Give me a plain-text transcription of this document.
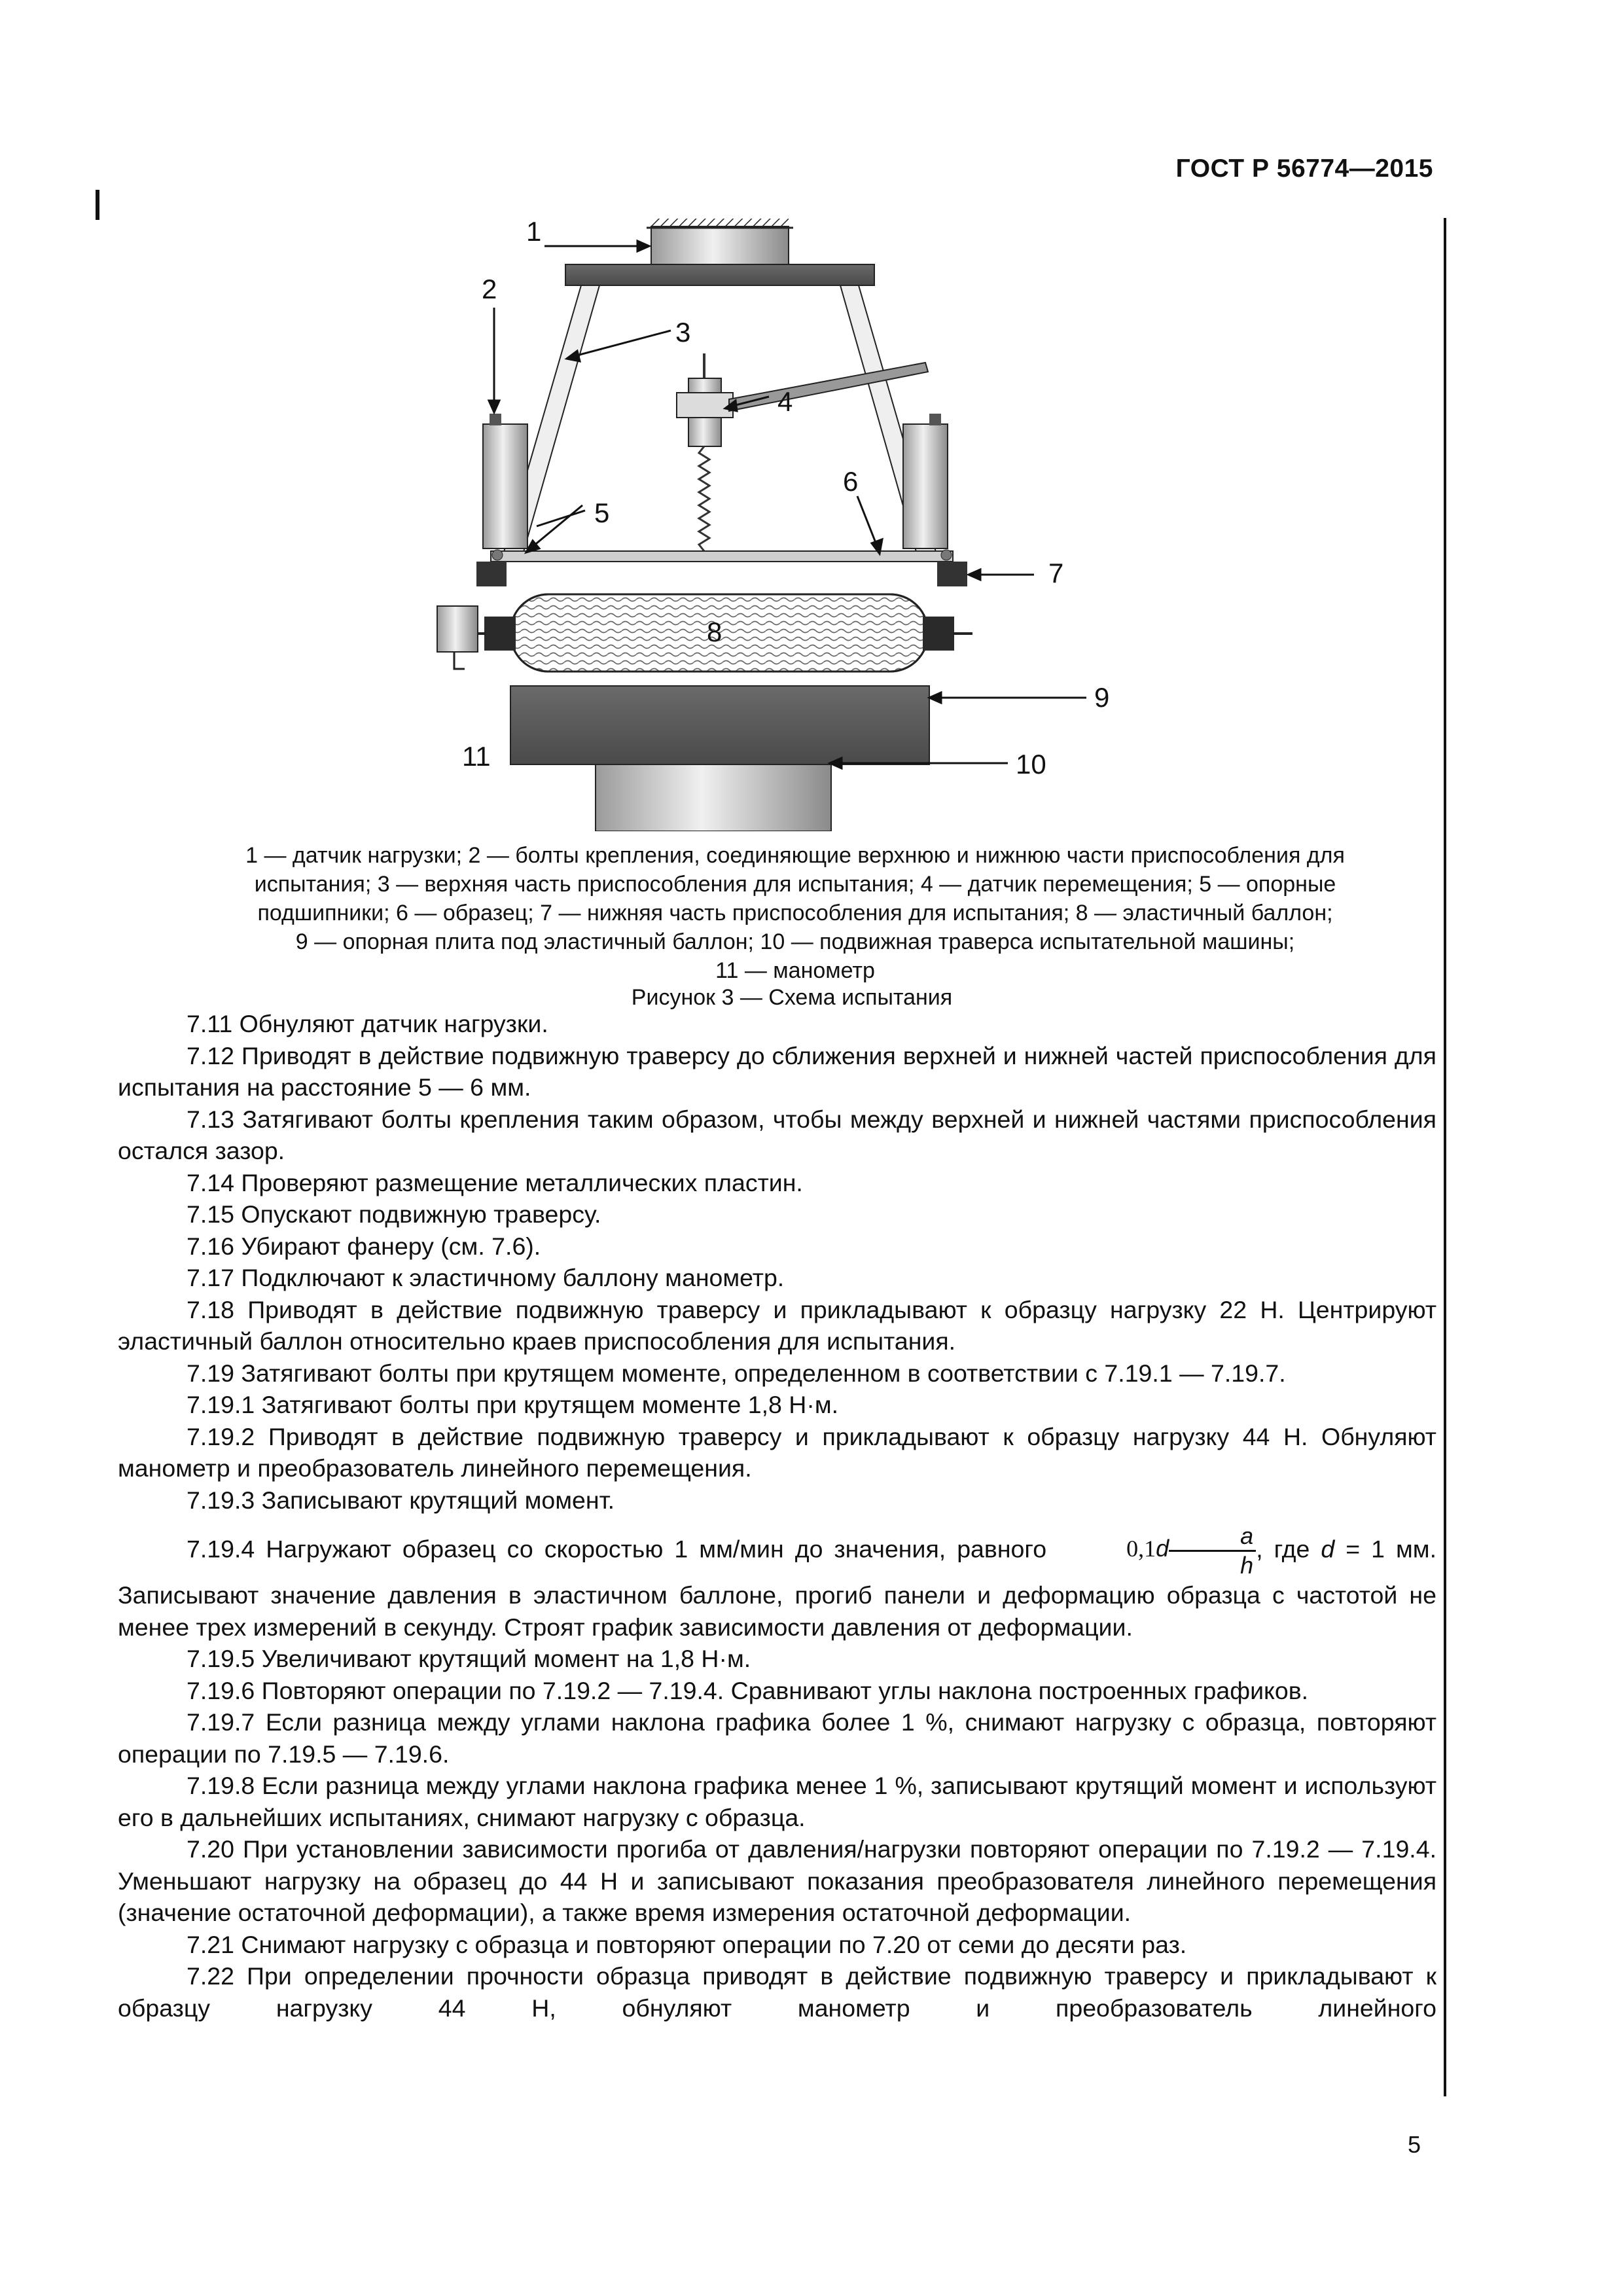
ГОСТ Р 56774—2015
1
2
3
4
5
6
7
8
9
10
11
1 — датчик нагрузки; 2 — болты крепления, соединяющие верхнюю и нижнюю части приспособления для
испытания; 3 — верхняя часть приспособления для испытания; 4 — датчик перемещения; 5 — опорные
подшипники; 6 — образец; 7 — нижняя часть приспособления для испытания; 8 — эластичный баллон;
9 — опорная плита под эластичный баллон; 10 — подвижная траверса испытательной машины;
11 — манометр
Рисунок 3 — Схема испытания

7.11 Обнуляют датчик нагрузки.

7.12 Приводят в действие подвижную траверсу до сближения верхней и нижней частей приспособления для испытания на расстояние 5 — 6 мм.

7.13 Затягивают болты крепления таким образом, чтобы между верхней и нижней частями приспособления остался зазор.

7.14 Проверяют размещение металлических пластин.

7.15 Опускают подвижную траверсу.

7.16 Убирают фанеру (см. 7.6).

7.17 Подключают к эластичному баллону манометр.

7.18 Приводят в действие подвижную траверсу и прикладывают к образцу нагрузку 22 Н. Центрируют эластичный баллон относительно краев приспособления для испытания.

7.19 Затягивают болты при крутящем моменте, определенном в соответствии с 7.19.1 — 7.19.7.

7.19.1 Затягивают болты при крутящем моменте 1,8 Н·м.

7.19.2 Приводят в действие подвижную траверсу и прикладывают к образцу нагрузку 44 Н. Обнуляют манометр и преобразователь линейного перемещения.

7.19.3 Записывают крутящий момент.

7.19.4 Нагружают образец со скоростью 1 мм/мин до значения, равного	$0,1d \frac{a}{h}$ , где d = 1 мм. Записывают значение давления в эластичном баллоне, прогиб панели и деформацию образца с частотой не менее трех измерений в секунду. Строят график зависимости давления от деформации.

7.19.5 Увеличивают крутящий момент на 1,8 Н·м.

7.19.6 Повторяют операции по 7.19.2 — 7.19.4. Сравнивают углы наклона построенных графиков.

7.19.7 Если разница между углами наклона графика более 1 %, снимают нагрузку с образца, повторяют операции по 7.19.5 — 7.19.6.

7.19.8 Если разница между углами наклона графика менее 1 %, записывают крутящий момент и используют его в дальнейших испытаниях, снимают нагрузку с образца.

7.20 При установлении зависимости прогиба от давления/нагрузки повторяют операции по 7.19.2 — 7.19.4. Уменьшают нагрузку на образец до 44 Н и записывают показания преобразователя линейного перемещения (значение остаточной деформации), а также время измерения остаточной деформации.

7.21 Снимают нагрузку с образца и повторяют операции по 7.20 от семи до десяти раз.

7.22 При определении прочности образца приводят в действие подвижную траверсу и прикладывают к образцу нагрузку 44 Н, обнуляют манометр и преобразователь линейного

5
